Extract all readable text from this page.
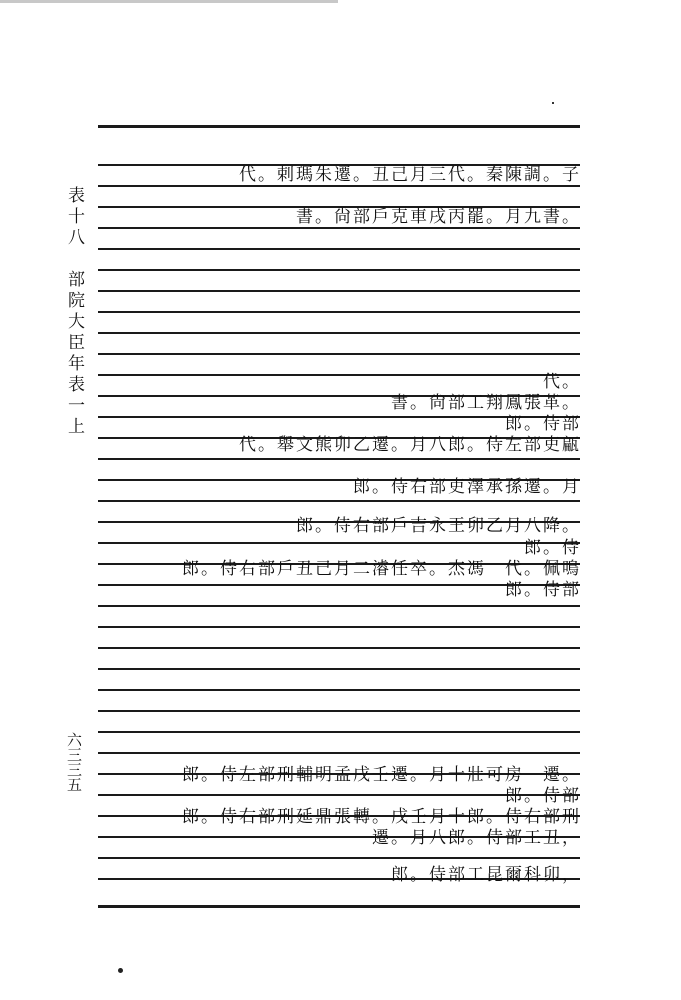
表十八　部院大臣年表一上
六三三五
代。剌瑪朱遷。丑己月三代。秦陳調。子
書。尙部戶克車戌丙罷。月九書。
代。
書。尙部工翔鳳張革。
郎。侍部
代。舉文熊卯乙遷。月八郎。侍左部吏甂
郎。侍右部吏澤承孫遷。月
郎。侍右部戶吉永王卯乙月八降。
郎。侍
郎。侍右部戶丑己月二濬任卒。杰馮　代。佩鳴
郎。侍部
郎。侍左部刑輔明孟戌壬遷。月十壯可房　遷。
郎。侍部
郎。侍右部刑延鼎張轉。戌壬月十郎。侍右部刑
遷。月八郎。侍部工丑，
郎。侍部工昆爾科卯，
